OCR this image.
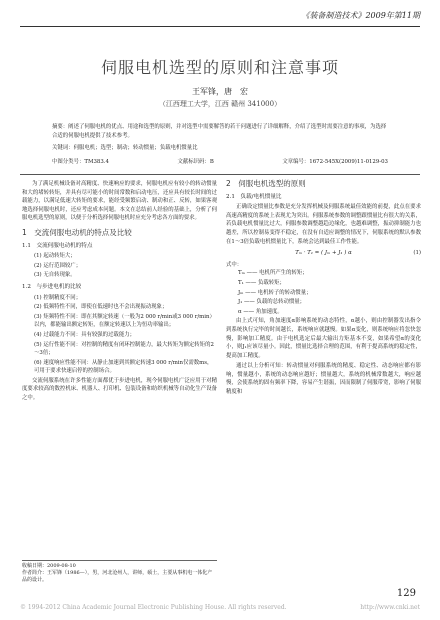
《装备制造技术》2009年第11期
伺服电机选型的原则和注意事项
王军锋，唐　宏
（江西理工大学，江西 赣州 341000）
摘要：阐述了伺服电机的优点、用途和选型的原则，并对选型中需要解答的若干问题进行了详细解释，介绍了选型时需要注意的事项，为选择合适的伺服电机提供了技术参考。
关键词：伺服电机；选型；制动；转动惯量；负载电机惯量比
中图分类号：TM383.4	文献标识码：B	文章编号：1672-545X(2009)11-0129-03

为了满足机械设备对高精度、快速响应的要求，伺服电机应有较小的转动惯量和大的堵转转矩，并具有尽可能小的时间常数和启动电压，还应具有较长时间的过载能力，以满足低速大转矩的要求，能经受频繁启动、制动和正、反转，如果客观地选择伺服电机时，还应考虑成本问题。本文在总结前人经验的基础上，分析了伺服电机选型的原则，以便于分析选择伺服电机时应充分考虑各方面的要求。

1　交流伺服电动机的特点及比较
1.1　交流伺服电动机的特点
(1) 起动转矩大；
(2) 运行范围较广；
(3) 无自转现象。
1.2　与步进电机的比较
(1) 控制精度不同；
(2) 低频特性不同，即使在低速时也不会出现振动现象；
(3) 矩频特性不同：即在其额定转速（一般为2 000 r/min或3 000 r/min）以内，都能输出额定转矩，在额定转速以上为恒功率输出；
(4) 过载能力不同：具有较强的过载能力；
(5) 运行性能不同：对控制的精度有闭环控制能力，最大转矩为额定转矩的2～3倍；
(6) 速度响应性能不同：从静止加速到其额定转速3 000 r/min仅需数ms，可用于要求快速启停的控制场合。

交流伺服系统在许多性能方面都优于步进电机，现今伺服电机广泛应用于对精度要求较高的数控机床、机器人、打印机、包装设备和纺织机械等自动化生产设备之中。

2　伺服电机选型的原则
2.1　负载/电机惯量比

正确设定惯量比参数是充分发挥机械及伺服系统最佳效能的前提，此点在要求高速高精度的系统上表现尤为突出。伺服系统参数的调整跟惯量比有很大的关系，若负载电机惯量比过大，伺服参数调整越趋边缘化，也越难调整，振动抑制能力也越差，所以控制易变得不稳定，在没有自适应调整的情况下，伺服系统的默认参数在1～3倍负载电机惯量比下，系统会达到最佳工作性能。

Tₘ · T₁ = ( Jₘ + J₁ ) α	(1)
式中：
Tₘ —— 电机所产生的转矩；
T₁ —— 负载转矩；
Jₘ —— 电机转子的转动惯量；
J₁ —— 负载的总转动惯量；
α —— 角加速度。

由上式可知，角加速度α影响系统的动态特性，α越小，则由控制器发出指令到系统执行完毕的时间越长，系统响应就越慢。如果α变化，则系统响应将忽快忽慢，影响加工精度。由于电机选定后最大输出力矩基本不变，如果希望α的变化小，则J₁应该尽量小。因此，惯量比选择合理的范围，有利于提高系统的稳定性，提高加工精度。

通过以上分析可知：转动惯量对伺服系统的精度、稳定性、动态响应都有影响，惯量越小，系统的动态响应越好；惯量越大，系统的机械常数越大，响应越慢，会使系统的固有频率下降，容易产生谐振，因而限制了伺服带宽，影响了伺服精度和

收稿日期：2009-08-10
作者简介：王军锋（1986—），男，河北沧州人，讲师，硕士，主要从事机电一体化产品的设计。
129
© 1994-2012 China Academic Journal Electronic Publishing House. All rights reserved.	http://www.cnki.net
